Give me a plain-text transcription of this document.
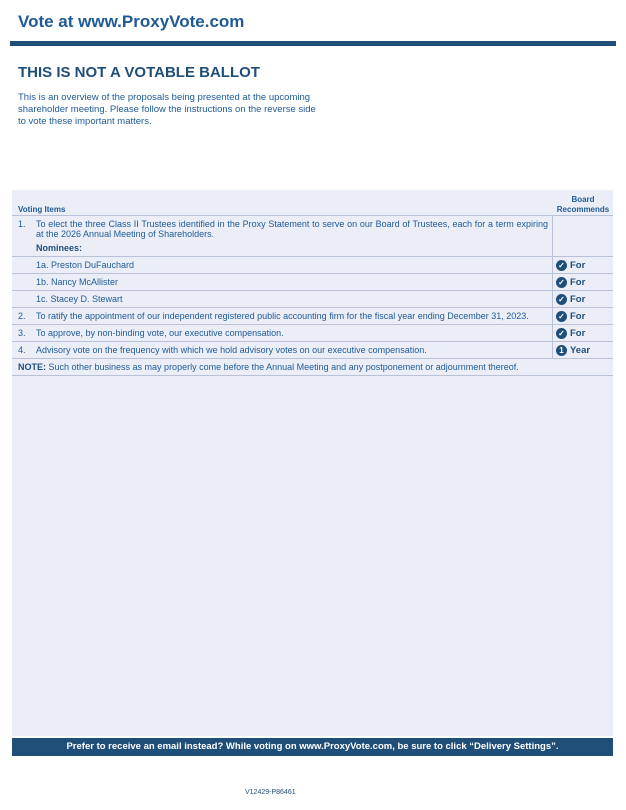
Vote at www.ProxyVote.com
THIS IS NOT A VOTABLE BALLOT
This is an overview of the proposals being presented at the upcoming shareholder meeting. Please follow the instructions on the reverse side to vote these important matters.
Voting Items
Board Recommends
1.	To elect the three Class II Trustees identified in the Proxy Statement to serve on our Board of Trustees, each for a term expiring at the 2026 Annual Meeting of Shareholders.
Nominees:
1a. Preston DuFauchard	✓ For
1b. Nancy McAllister	✓ For
1c. Stacey D. Stewart	✓ For
2.	To ratify the appointment of our independent registered public accounting firm for the fiscal year ending December 31, 2023.	✓ For
3.	To approve, by non-binding vote, our executive compensation.	✓ For
4.	Advisory vote on the frequency with which we hold advisory votes on our executive compensation.	1 Year
NOTE: Such other business as may properly come before the Annual Meeting and any postponement or adjournment thereof.
Prefer to receive an email instead? While voting on www.ProxyVote.com, be sure to click “Delivery Settings”.
V12429-P86461
